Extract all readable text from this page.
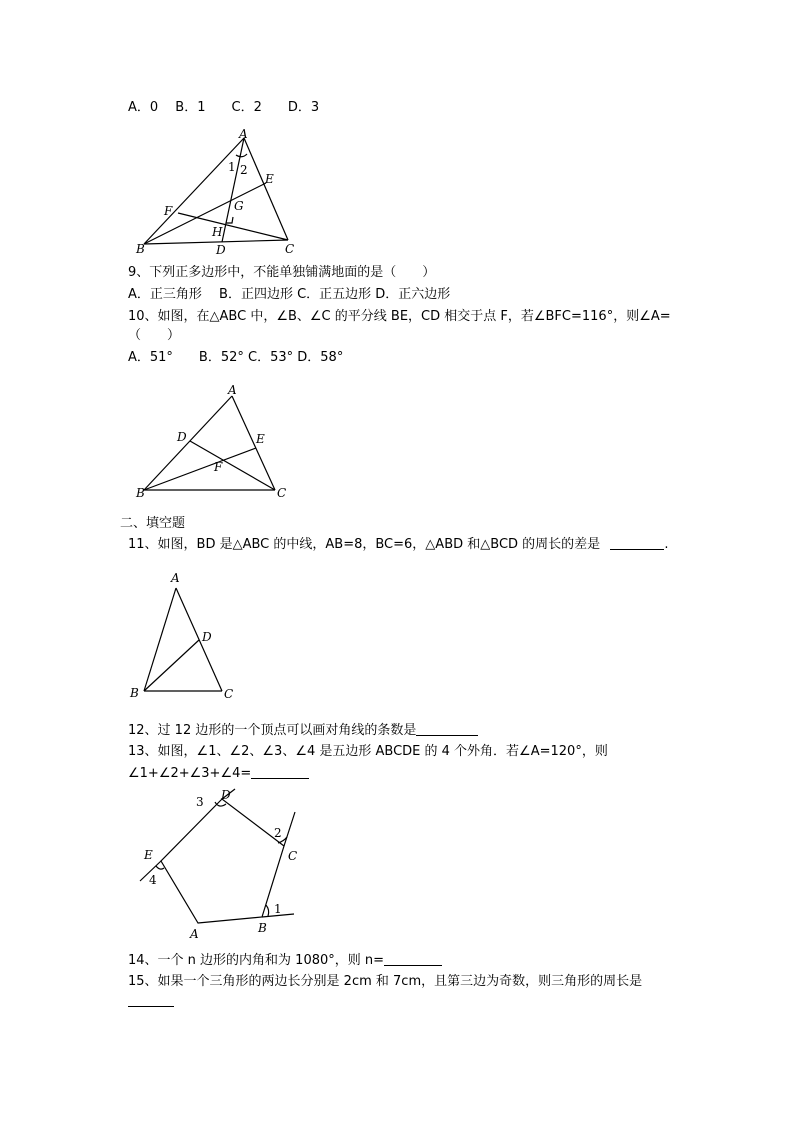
A．0　 B．1　　C．2　　D．3
A
1 2
E
F	G
H
B	D	C
9、下列正多边形中，不能单独铺满地面的是（　　）
A．正三角形　 B．正四边形 C．正五边形 D．正六边形
10、如图，在△ABC 中，∠B、∠C 的平分线 BE，CD 相交于点 F，若∠BFC=116°，则∠A=
（　　）
A．51°　　B．52° C．53° D．58°
A
D	E
F
B	C
二、填空题
11、如图，BD 是△ABC 的中线，AB=8，BC=6，△ABD 和△BCD 的周长的差是	.
A
D
B	C
12、过 12 边形的一个顶点可以画对角线的条数是
13、如图，∠1、∠2、∠3、∠4 是五边形 ABCDE 的 4 个外角．若∠A=120°，则
∠1+∠2+∠3+∠4=
D
3
2
C
E
4
1
B
A
14、一个 n 边形的内角和为 1080°，则 n=
15、如果一个三角形的两边长分别是 2cm 和 7cm，且第三边为奇数，则三角形的周长是
